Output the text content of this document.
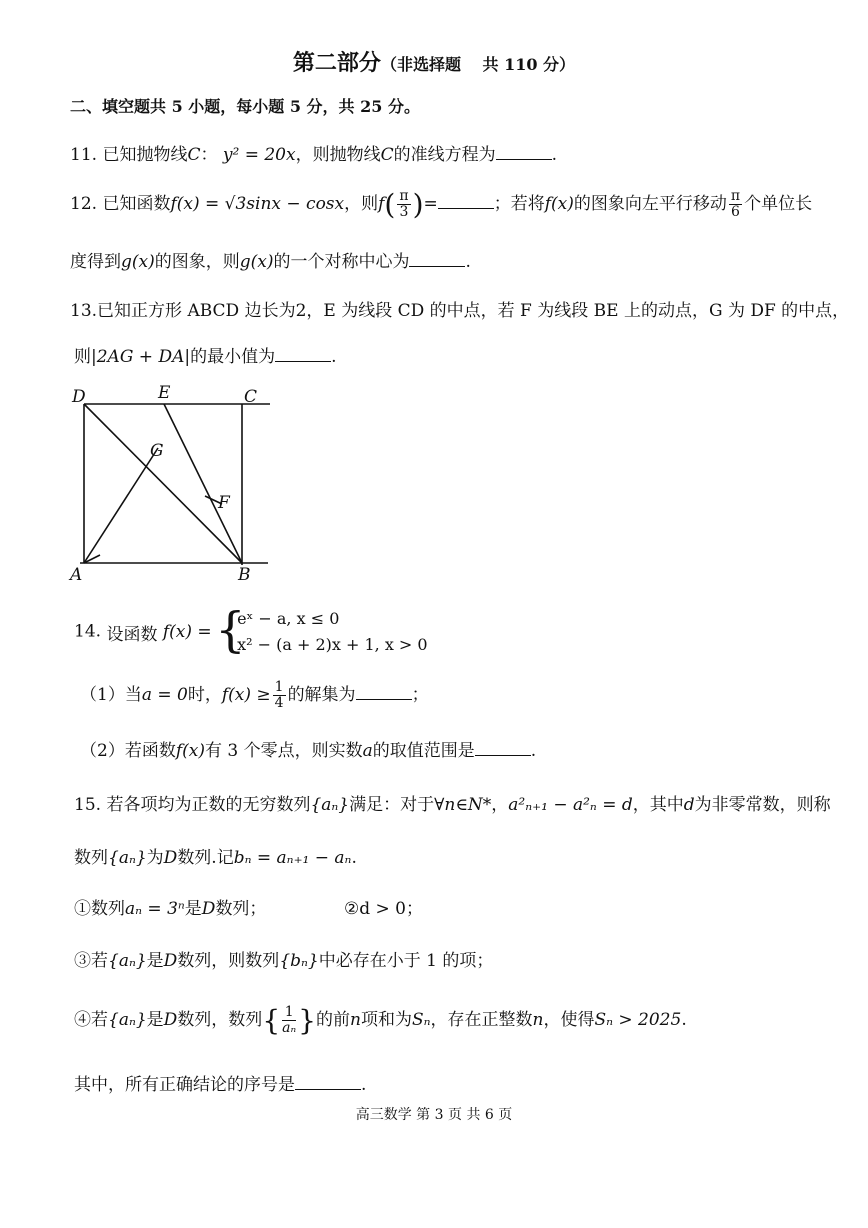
第二部分（非选择题　 共 110 分）
二、填空题共 5 小题，每小题 5 分，共 25 分。
11. 已知抛物线C： y² = 20x，则抛物线C的准线方程为	.
12. 已知函数f(x) = √3sinx − cosx，则$f( \frac{\pi}{3}$ )=	；若将f(x)的图象向左平行移动 $\frac{\pi}{6}$ 个单位长
度得到g(x)的图象，则g(x)的一个对称中心为	.
13.已知正方形 ABCD 边长为2，E 为线段 CD 的中点，若 F 为线段 BE 上的动点，G 为 DF 的中点，
则|2AG + DA|的最小值为	.
D	E	C
G
F
A	B
14. 设函数 f(x) = {
eˣ − a, x ≤ 0
x² − (a + 2)x + 1, x > 0
（1）当a = 0时，$f(x) \ge \frac{1}{4}$ 的解集为	；
（2）若函数f(x)有 3 个零点，则实数a的取值范围是	.
15. 若各项均为正数的无穷数列{aₙ}满足：对于∀n∈N*，a²ₙ₊₁ − a²ₙ = d，其中d为非零常数，则称
数列{aₙ}为D数列.记bₙ = aₙ₊₁ − aₙ.
①数列aₙ = 3ⁿ是D数列；	②d > 0；
③若{aₙ}是D数列，则数列{bₙ}中必存在小于 1 的项；
④若{aₙ}是D数列，数列{ $\frac{1}{\text{aₙ}}$}的前n项和为Sₙ，存在正整数n，使得Sₙ > 2025.
其中，所有正确结论的序号是	.
高三数学 第 3 页 共 6 页
